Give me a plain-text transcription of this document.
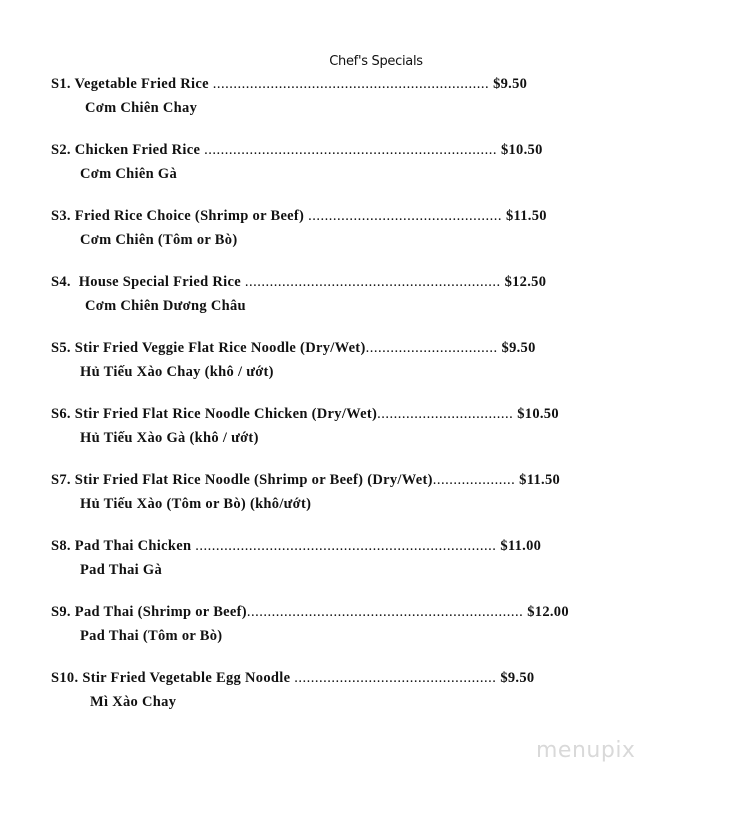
Chef's Specials
S1. Vegetable Fried Rice ................................................................... $9.50
Cơm Chiên Chay
S2. Chicken Fried Rice ....................................................................... $10.50
Cơm Chiên Gà
S3. Fried Rice Choice (Shrimp or Beef) ............................................... $11.50
Cơm Chiên (Tôm or Bò)
S4. House Special Fried Rice .............................................................. $12.50
Cơm Chiên Dương Châu
S5. Stir Fried Veggie Flat Rice Noodle (Dry/Wet)................................ $9.50
Hủ Tiếu Xào Chay (khô / ướt)
S6. Stir Fried Flat Rice Noodle Chicken (Dry/Wet)................................. $10.50
Hủ Tiếu Xào Gà (khô / ướt)
S7. Stir Fried Flat Rice Noodle (Shrimp or Beef) (Dry/Wet).................... $11.50
Hủ Tiếu Xào (Tôm or Bò) (khô/ướt)
S8. Pad Thai Chicken ......................................................................... $11.00
Pad Thai Gà
S9. Pad Thai (Shrimp or Beef)................................................................... $12.00
Pad Thai (Tôm or Bò)
S10. Stir Fried Vegetable Egg Noodle ................................................. $9.50
Mì Xào Chay
menupix
